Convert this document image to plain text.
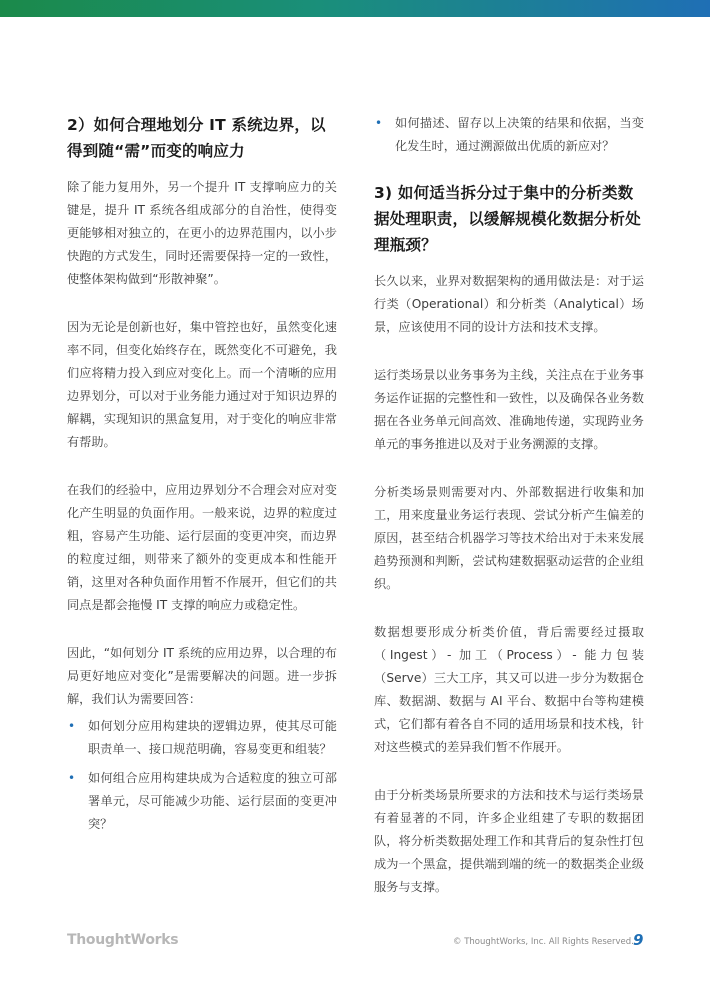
2）如何合理地划分 IT 系统边界，以得到随“需”而变的响应力

除了能力复用外，另一个提升 IT 支撑响应力的关键是，提升 IT 系统各组成部分的自治性，使得变更能够相对独立的，在更小的边界范围内，以小步快跑的方式发生，同时还需要保持一定的一致性，使整体架构做到“形散神聚”。

因为无论是创新也好，集中管控也好，虽然变化速率不同，但变化始终存在，既然变化不可避免，我们应将精力投入到应对变化上。而一个清晰的应用边界划分，可以对于业务能力通过对于知识边界的解耦，实现知识的黑盒复用，对于变化的响应非常有帮助。

在我们的经验中，应用边界划分不合理会对应对变化产生明显的负面作用。一般来说，边界的粒度过粗，容易产生功能、运行层面的变更冲突，而边界的粒度过细，则带来了额外的变更成本和性能开销，这里对各种负面作用暂不作展开，但它们的共同点是都会拖慢 IT 支撑的响应力或稳定性。

因此，“如何划分 IT 系统的应用边界，以合理的布局更好地应对变化”是需要解决的问题。进一步拆解，我们认为需要回答：

• 如何划分应用构建块的逻辑边界，使其尽可能职责单一、接口规范明确，容易变更和组装？
• 如何组合应用构建块成为合适粒度的独立可部署单元，尽可能减少功能、运行层面的变更冲突？
• 如何描述、留存以上决策的结果和依据，当变化发生时，通过溯源做出优质的新应对？
3) 如何适当拆分过于集中的分析类数据处理职责，以缓解规模化数据分析处理瓶颈？

长久以来，业界对数据架构的通用做法是：对于运行类（Operational）和分析类（Analytical）场景，应该使用不同的设计方法和技术支撑。

运行类场景以业务事务为主线，关注点在于业务事务运作证据的完整性和一致性，以及确保各业务数据在各业务单元间高效、准确地传递，实现跨业务单元的事务推进以及对于业务溯源的支撑。

分析类场景则需要对内、外部数据进行收集和加工，用来度量业务运行表现、尝试分析产生偏差的原因，甚至结合机器学习等技术给出对于未来发展趋势预测和判断，尝试构建数据驱动运营的企业组织。

数据想要形成分析类价值，背后需要经过摄取（Ingest）- 加工（Process）- 能力包装（Serve）三大工序，其又可以进一步分为数据仓库、数据湖、数据与 AI 平台、数据中台等构建模式，它们都有着各自不同的适用场景和技术栈，针对这些模式的差异我们暂不作展开。

由于分析类场景所要求的方法和技术与运行类场景有着显著的不同，许多企业组建了专职的数据团队，将分析类数据处理工作和其背后的复杂性打包成为一个黑盒，提供端到端的统一的数据类企业级服务与支撑。

ThoughtWorks	© ThoughtWorks, Inc. All Rights Reserved. 9
